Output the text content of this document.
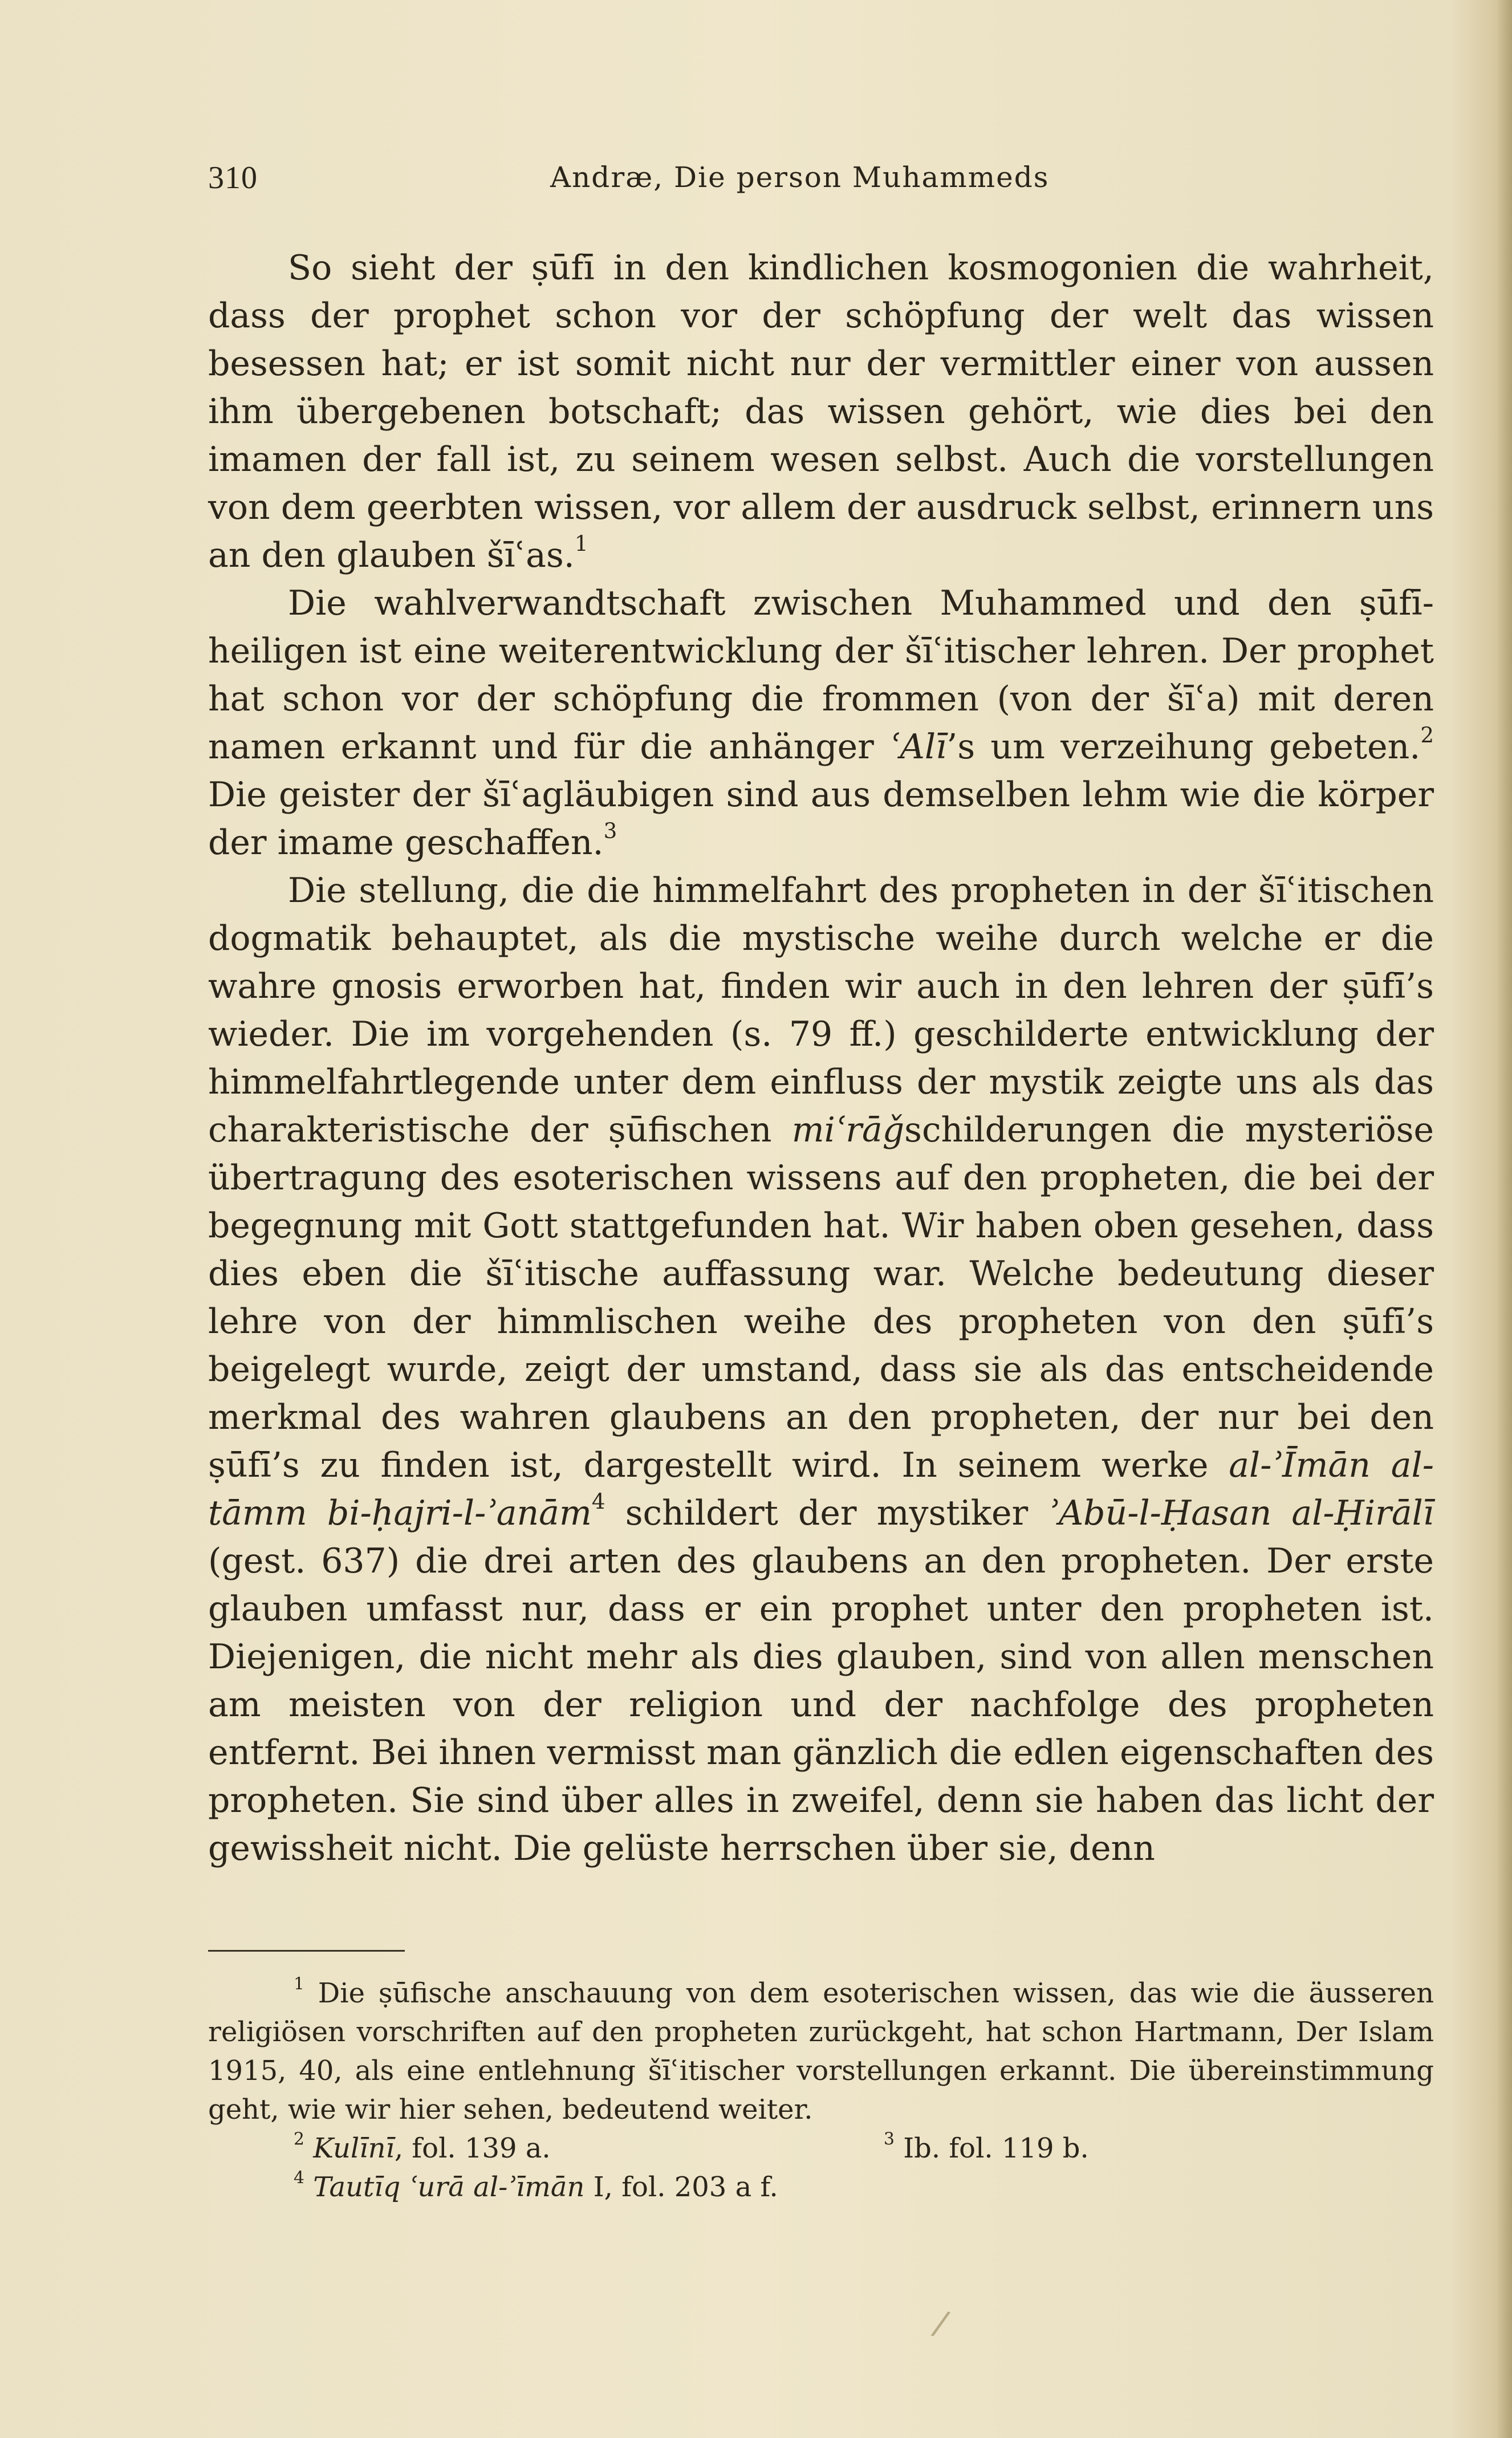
310	Andræ, Die person Muhammeds

So sieht der ṣūfī in den kindlichen kosmogonien die wahrheit, dass der prophet schon vor der schöpfung der welt das wissen besessen hat; er ist somit nicht nur der vermittler einer von aussen ihm übergebenen botschaft; das wissen gehört, wie dies bei den imamen der fall ist, zu seinem wesen selbst. Auch die vorstellungen von dem geerbten wissen, vor allem der ausdruck selbst, erinnern uns an den glauben šīʿas.$^1$

Die wahlverwandtschaft zwischen Muhammed und den ṣūfī-heiligen ist eine weiterentwicklung der šīʿitischer lehren. Der prophet hat schon vor der schöpfung die frommen (von der šīʿa) mit deren namen erkannt und für die anhänger ʿAlī’s um verzeihung gebeten.$^2$ Die geister der šīʿagläubigen sind aus demselben lehm wie die körper der imame geschaffen.$^3$

Die stellung, die die himmelfahrt des propheten in der šīʿitischen dogmatik behauptet, als die mystische weihe durch welche er die wahre gnosis erworben hat, finden wir auch in den lehren der ṣūfī’s wieder. Die im vorgehenden (s. 79 ff.) geschilderte entwicklung der himmelfahrtlegende unter dem einfluss der mystik zeigte uns als das charakteristische der ṣūfischen miʿrāǧschilderungen die mysteriöse übertragung des esoterischen wissens auf den propheten, die bei der begegnung mit Gott stattgefunden hat. Wir haben oben gesehen, dass dies eben die šīʿitische auffassung war. Welche bedeutung dieser lehre von der himmlischen weihe des propheten von den ṣūfī’s beigelegt wurde, zeigt der umstand, dass sie als das entscheidende merkmal des wahren glaubens an den propheten, der nur bei den ṣūfī’s zu finden ist, dargestellt wird. In seinem werke al-ʾĪmān al-tāmm bi-ḥajri-l-ʾanām$^4$ schildert der mystiker ʾAbū-l-Ḥasan al-Ḥirālī (gest. 637) die drei arten des glaubens an den propheten. Der erste glauben umfasst nur, dass er ein prophet unter den propheten ist. Diejenigen, die nicht mehr als dies glauben, sind von allen menschen am meisten von der religion und der nachfolge des propheten entfernt. Bei ihnen vermisst man gänzlich die edlen eigenschaften des propheten. Sie sind über alles in zweifel, denn sie haben das licht der gewissheit nicht. Die gelüste herrschen über sie, denn

$^1$ Die ṣūfische anschauung von dem esoterischen wissen, das wie die äusseren religiösen vorschriften auf den propheten zurückgeht, hat schon Hartmann, Der Islam 1915, 40, als eine entlehnung šīʿitischer vorstellungen erkannt. Die übereinstimmung geht, wie wir hier sehen, bedeutend weiter.

$^2$ Kulīnī, fol. 139 a.	$^3$ Ib. fol. 119 b.
$^4$ Tautīq ʿurā al-ʾīmān I, fol. 203 a f.
/
